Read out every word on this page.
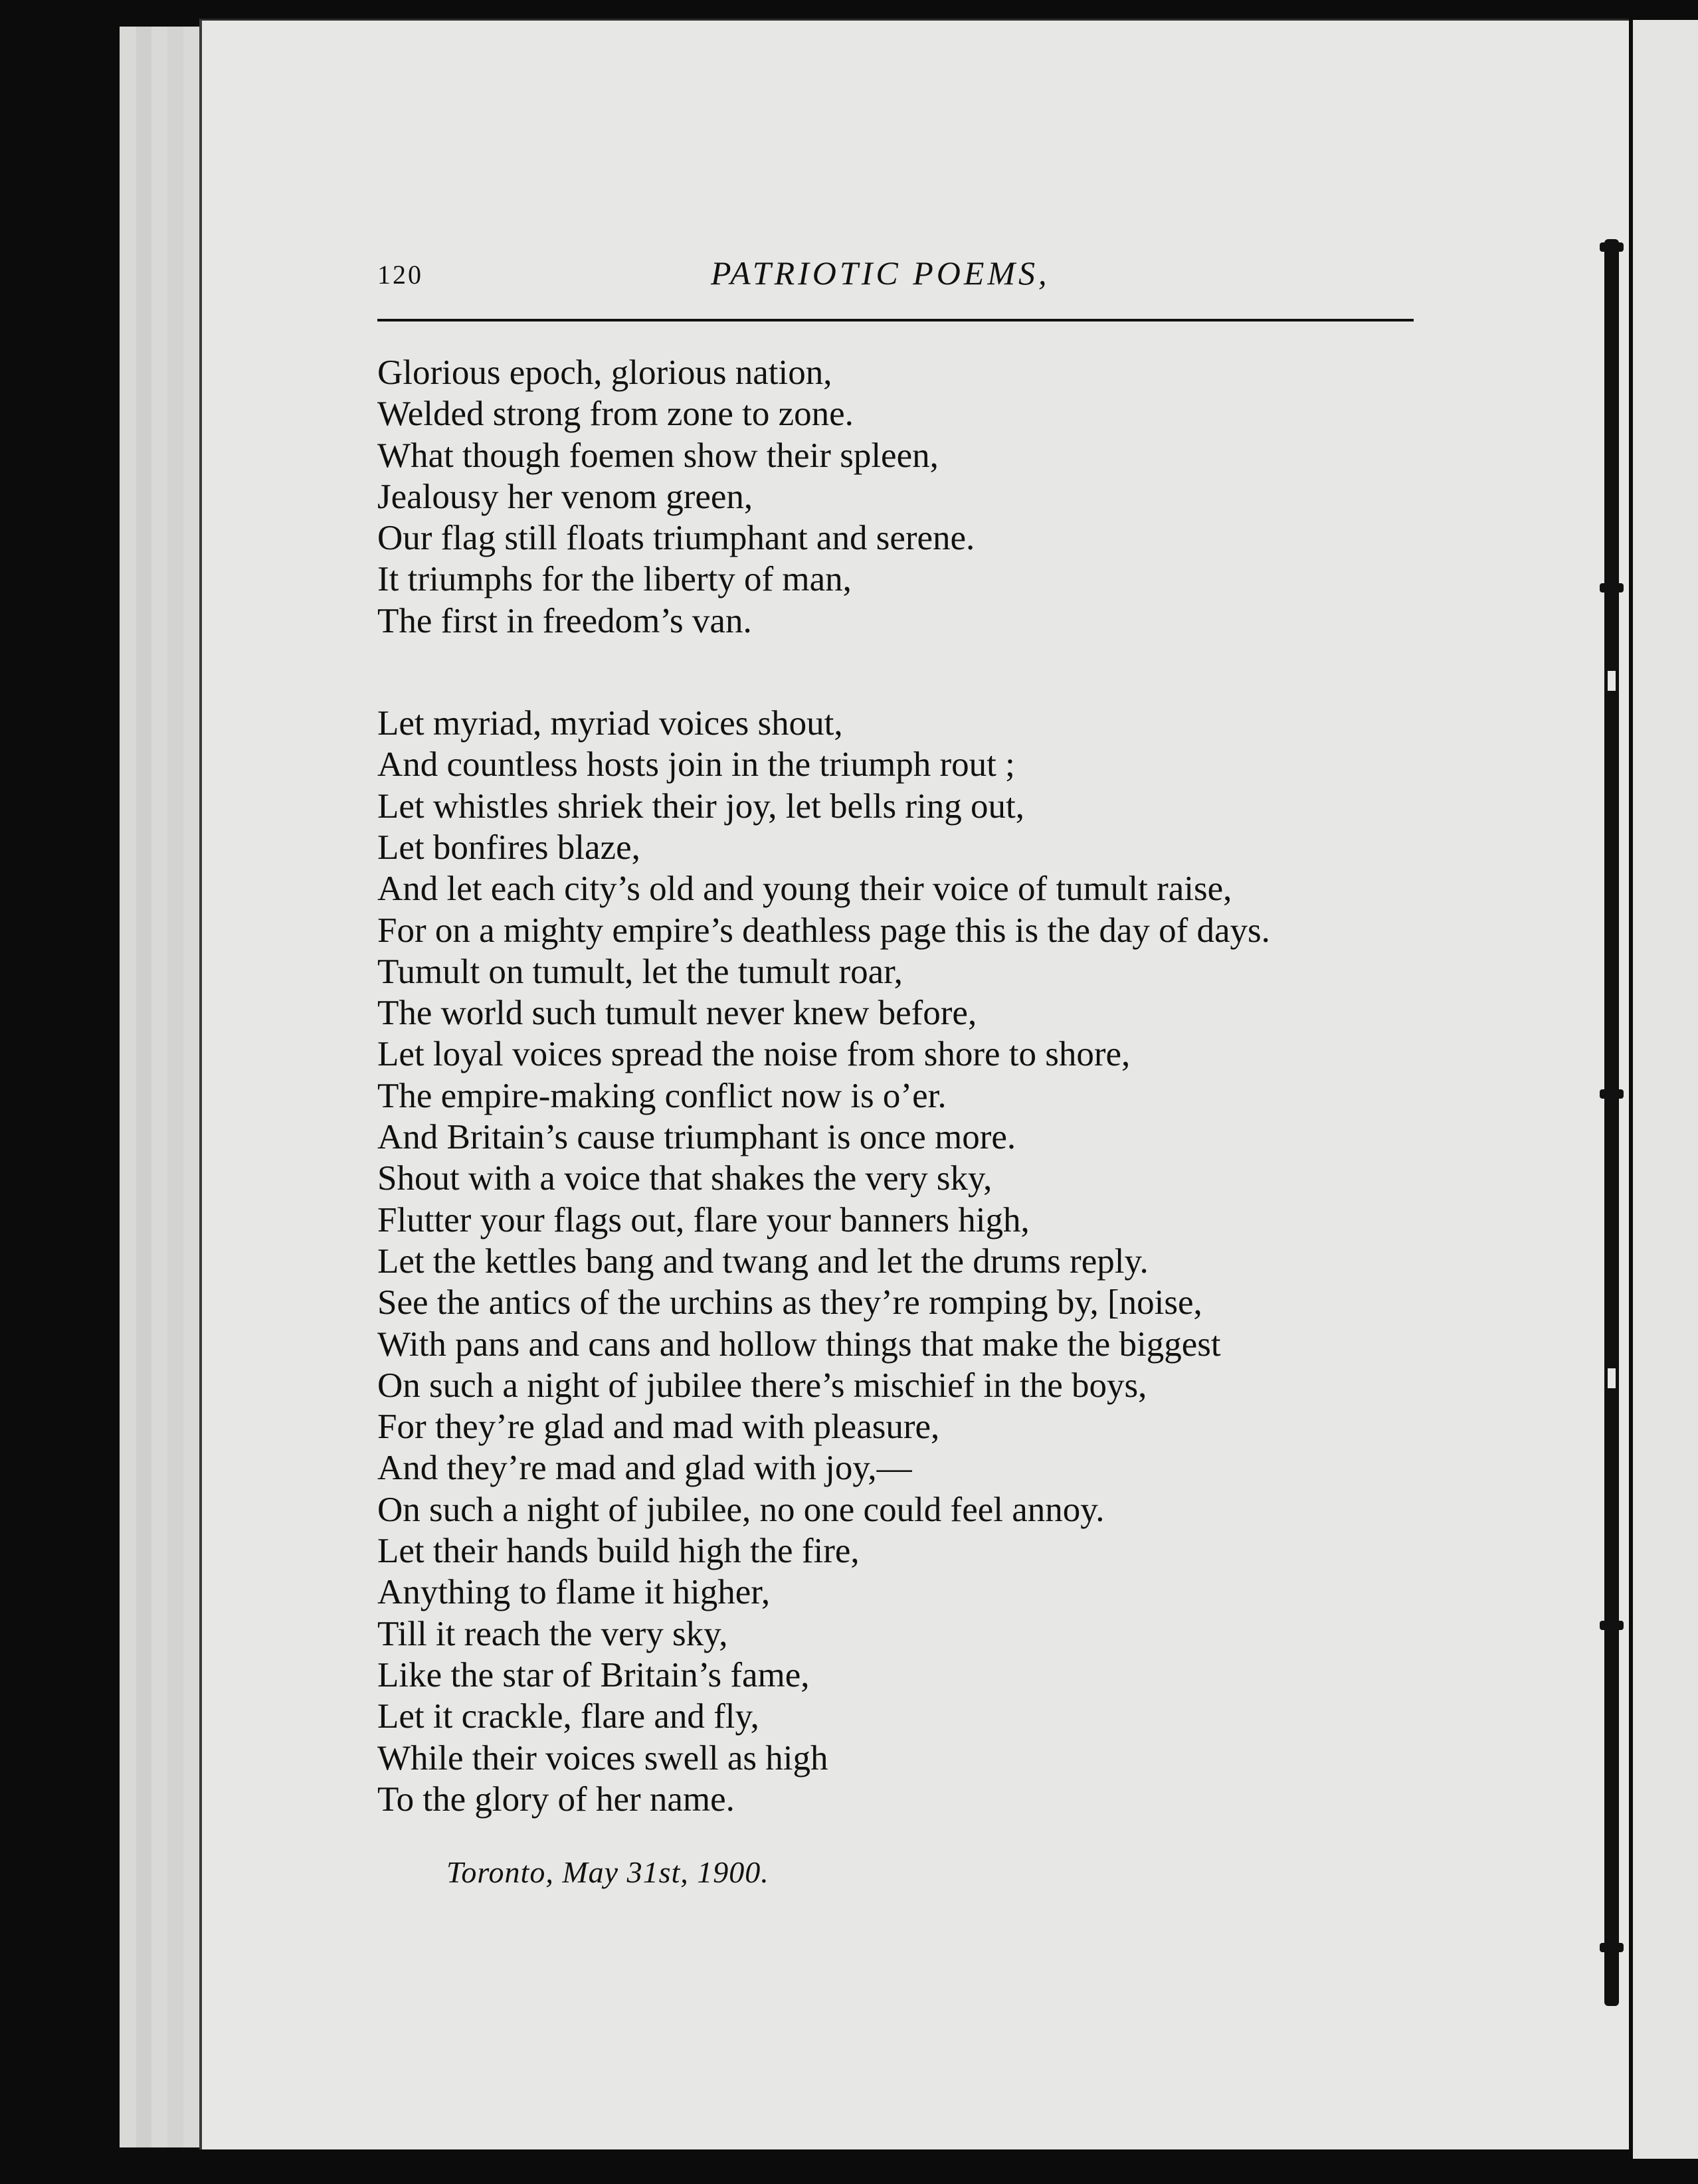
120	PATRIOTIC POEMS,
Glorious epoch, glorious nation,
Welded strong from zone to zone.
What though foemen show their spleen,
Jealousy her venom green,
Our flag still floats triumphant and serene.
It triumphs for the liberty of man,
The first in freedom’s van.
Let myriad, myriad voices shout,
And countless hosts join in the triumph rout ;
Let whistles shriek their joy, let bells ring out,
Let bonfires blaze,
And let each city’s old and young their voice of tumult raise,
For on a mighty empire’s deathless page this is the day of days.
Tumult on tumult, let the tumult roar,
The world such tumult never knew before,
Let loyal voices spread the noise from shore to shore,
The empire-making conflict now is o’er.
And Britain’s cause triumphant is once more.
Shout with a voice that shakes the very sky,
Flutter your flags out, flare your banners high,
Let the kettles bang and twang and let the drums reply.
See the antics of the urchins as they’re romping by, [noise,
With pans and cans and hollow things that make the biggest
On such a night of jubilee there’s mischief in the boys,
For they’re glad and mad with pleasure,
And they’re mad and glad with joy,—
On such a night of jubilee, no one could feel annoy.
Let their hands build high the fire,
Anything to flame it higher,
Till it reach the very sky,
Like the star of Britain’s fame,
Let it crackle, flare and fly,
While their voices swell as high
To the glory of her name.
Toronto, May 31st, 1900.
